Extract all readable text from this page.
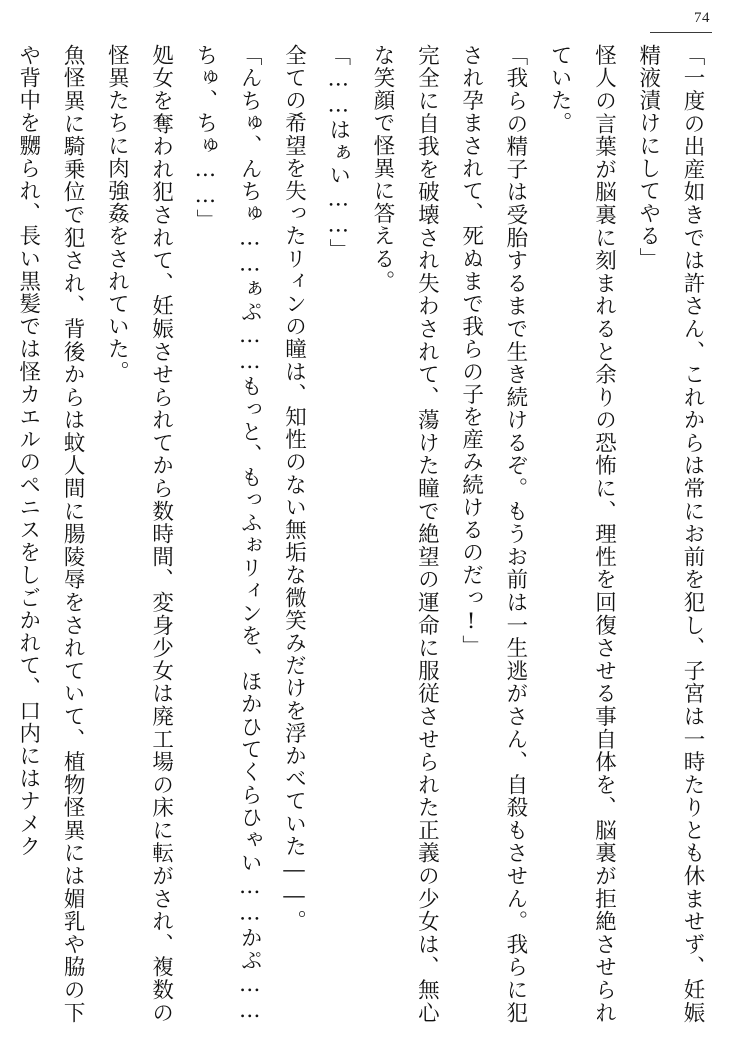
74

「一度の出産如きでは許さん、これからは常にお前を犯し、子宮は一時たりとも休ませず、妊娠精液漬けにしてやる」

怪人の言葉が脳裏に刻まれると余りの恐怖に、理性を回復させる事自体を、脳裏が拒絶させられていた。

「我らの精子は受胎するまで生き続けるぞ。もうお前は一生逃がさん、自殺もさせん。我らに犯され孕まされて、死ぬまで我らの子を産み続けるのだっ!」

完全に自我を破壊され失わされて、蕩けた瞳で絶望の運命に服従させられた正義の少女は、無心な笑顔で怪異に答える。

「……はぁい……」

全ての希望を失ったリィンの瞳は、知性のない無垢な微笑みだけを浮かべていた――。

「んちゅ、んちゅ……ぁぷ……もっと、もっふぉリィンを、ほかひてくらひゃい……かぷ……ちゅ、ちゅ……」

処女を奪われ犯されて、妊娠させられてから数時間、変身少女は廃工場の床に転がされ、複数の怪異たちに肉強姦をされていた。

魚怪異に騎乗位で犯され、背後からは蚊人間に腸陵辱をされていて、植物怪異には媚乳や脇の下や背中を嬲られ、長い黒髪では怪カエルのペニスをしごかれて、口内にはナメク
